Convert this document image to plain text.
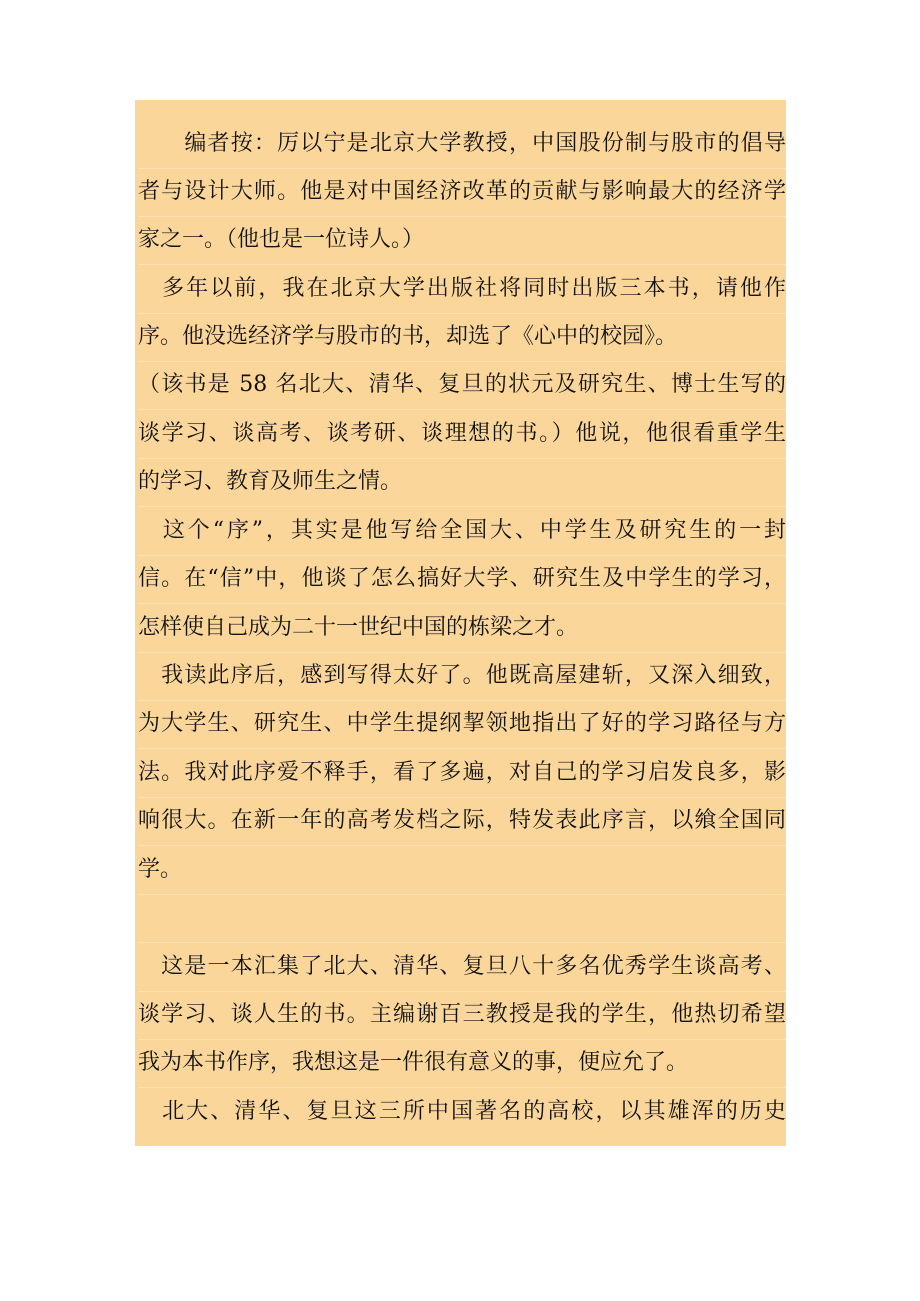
　　编者按：厉以宁是北京大学教授，中国股份制与股市的倡导
者与设计大师。他是对中国经济改革的贡献与影响最大的经济学
家之一。（他也是一位诗人。）
　多年以前，我在北京大学出版社将同时出版三本书，请他作
序。他没选经济学与股市的书，却选了《心中的校园》。
（该书是 58 名北大、清华、复旦的状元及研究生、博士生写的
谈学习、谈高考、谈考研、谈理想的书。）他说，他很看重学生
的学习、教育及师生之情。
　这个“序”，其实是他写给全国大、中学生及研究生的一封
信。在“信”中，他谈了怎么搞好大学、研究生及中学生的学习，
怎样使自己成为二十一世纪中国的栋梁之才。
　我读此序后，感到写得太好了。他既高屋建斩，又深入细致，
为大学生、研究生、中学生提纲挈领地指出了好的学习路径与方
法。我对此序爱不释手，看了多遍，对自己的学习启发良多，影
响很大。在新一年的高考发档之际，特发表此序言，以飨全国同
学。
　这是一本汇集了北大、清华、复旦八十多名优秀学生谈高考、
谈学习、谈人生的书。主编谢百三教授是我的学生，他热切希望
我为本书作序，我想这是一件很有意义的事，便应允了。
　北大、清华、复旦这三所中国著名的高校，以其雄浑的历史
